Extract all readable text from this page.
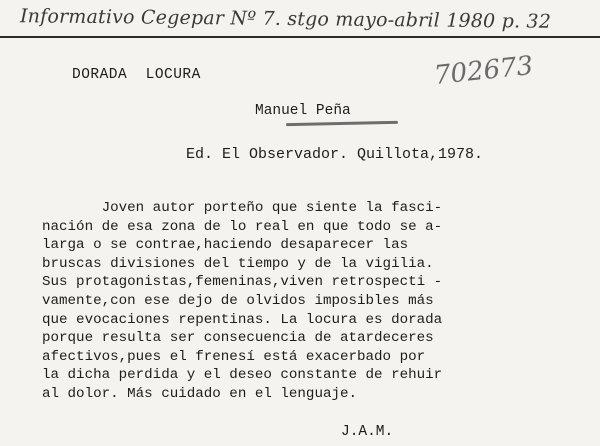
Informativo Cegepar Nº 7. stgo mayo-abril 1980 p. 32
702673
DORADA  LOCURA
Manuel Peña
Ed. El Observador. Quillota,1978.
Joven autor porteño que siente la fasci-
nación de esa zona de lo real en que todo se a-
larga o se contrae,haciendo desaparecer las
bruscas divisiones del tiempo y de la vigilia.
Sus protagonistas,femeninas,viven retrospecti -
vamente,con ese dejo de olvidos imposibles más
que evocaciones repentinas. La locura es dorada
porque resulta ser consecuencia de atardeceres
afectivos,pues el frenesí está exacerbado por
la dicha perdida y el deseo constante de rehuir
al dolor. Más cuidado en el lenguaje.
J.A.M.
